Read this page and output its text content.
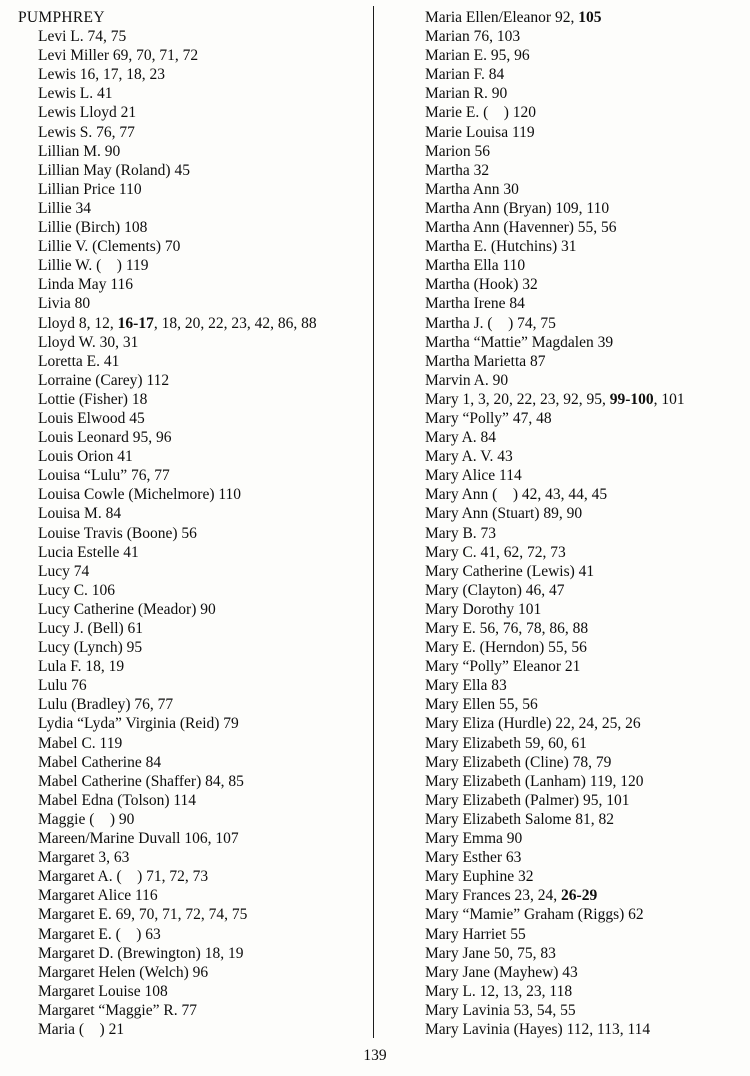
PUMPHREY
Levi L. 74, 75
Levi Miller 69, 70, 71, 72
Lewis 16, 17, 18, 23
Lewis L. 41
Lewis Lloyd 21
Lewis S. 76, 77
Lillian M. 90
Lillian May (Roland) 45
Lillian Price 110
Lillie 34
Lillie (Birch) 108
Lillie V. (Clements) 70
Lillie W. (    ) 119
Linda May 116
Livia 80
Lloyd 8, 12, 16-17, 18, 20, 22, 23, 42, 86, 88
Lloyd W. 30, 31
Loretta E. 41
Lorraine (Carey) 112
Lottie (Fisher) 18
Louis Elwood 45
Louis Leonard 95, 96
Louis Orion 41
Louisa “Lulu” 76, 77
Louisa Cowle (Michelmore) 110
Louisa M. 84
Louise Travis (Boone) 56
Lucia Estelle 41
Lucy 74
Lucy C. 106
Lucy Catherine (Meador) 90
Lucy J. (Bell) 61
Lucy (Lynch) 95
Lula F. 18, 19
Lulu 76
Lulu (Bradley) 76, 77
Lydia “Lyda” Virginia (Reid) 79
Mabel C. 119
Mabel Catherine 84
Mabel Catherine (Shaffer) 84, 85
Mabel Edna (Tolson) 114
Maggie (    ) 90
Mareen/Marine Duvall 106, 107
Margaret 3, 63
Margaret A. (    ) 71, 72, 73
Margaret Alice 116
Margaret E. 69, 70, 71, 72, 74, 75
Margaret E. (    ) 63
Margaret D. (Brewington) 18, 19
Margaret Helen (Welch) 96
Margaret Louise 108
Margaret “Maggie” R. 77
Maria (    ) 21
Maria Ellen/Eleanor 92, 105
Marian 76, 103
Marian E. 95, 96
Marian F. 84
Marian R. 90
Marie E. (    ) 120
Marie Louisa 119
Marion 56
Martha 32
Martha Ann 30
Martha Ann (Bryan) 109, 110
Martha Ann (Havenner) 55, 56
Martha E. (Hutchins) 31
Martha Ella 110
Martha (Hook) 32
Martha Irene 84
Martha J. (    ) 74, 75
Martha “Mattie” Magdalen 39
Martha Marietta 87
Marvin A. 90
Mary 1, 3, 20, 22, 23, 92, 95, 99-100, 101
Mary “Polly” 47, 48
Mary A. 84
Mary A. V. 43
Mary Alice 114
Mary Ann (    ) 42, 43, 44, 45
Mary Ann (Stuart) 89, 90
Mary B. 73
Mary C. 41, 62, 72, 73
Mary Catherine (Lewis) 41
Mary (Clayton) 46, 47
Mary Dorothy 101
Mary E. 56, 76, 78, 86, 88
Mary E. (Herndon) 55, 56
Mary “Polly” Eleanor 21
Mary Ella 83
Mary Ellen 55, 56
Mary Eliza (Hurdle) 22, 24, 25, 26
Mary Elizabeth 59, 60, 61
Mary Elizabeth (Cline) 78, 79
Mary Elizabeth (Lanham) 119, 120
Mary Elizabeth (Palmer) 95, 101
Mary Elizabeth Salome 81, 82
Mary Emma 90
Mary Esther 63
Mary Euphine 32
Mary Frances 23, 24, 26-29
Mary “Mamie” Graham (Riggs) 62
Mary Harriet 55
Mary Jane 50, 75, 83
Mary Jane (Mayhew) 43
Mary L. 12, 13, 23, 118
Mary Lavinia 53, 54, 55
Mary Lavinia (Hayes) 112, 113, 114
139
